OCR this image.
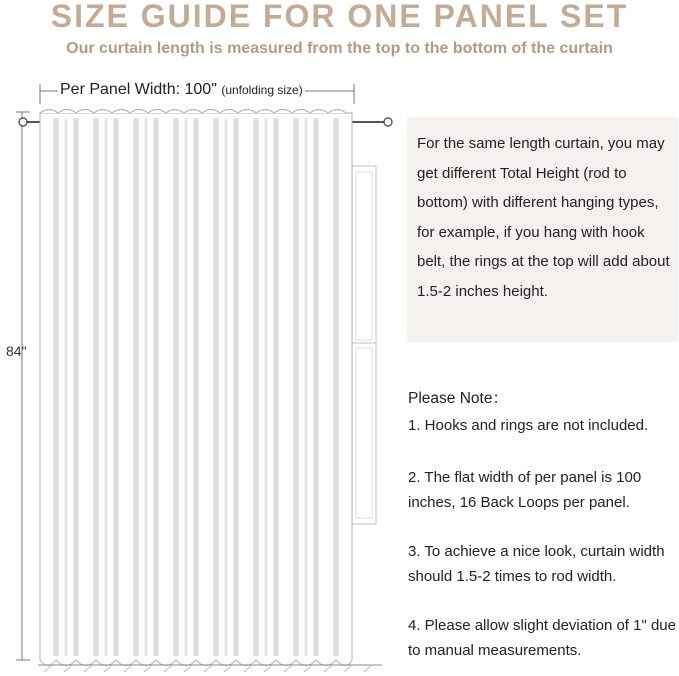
SIZE GUIDE FOR ONE PANEL SET
Our curtain length is measured from the top to the bottom of the curtain
Per Panel Width: 100" (unfolding size)
84"
For the same length curtain, you may get different Total Height (rod to bottom) with different hanging types, for example, if you hang with hook belt, the rings at the top will add about 1.5-2 inches height.
Please Note：
1. Hooks and rings are not included.
2. The flat width of per panel is 100 inches, 16 Back Loops per panel.
3. To achieve a nice look, curtain width should 1.5-2 times to rod width.
4. Please allow slight deviation of 1" due to manual measurements.
